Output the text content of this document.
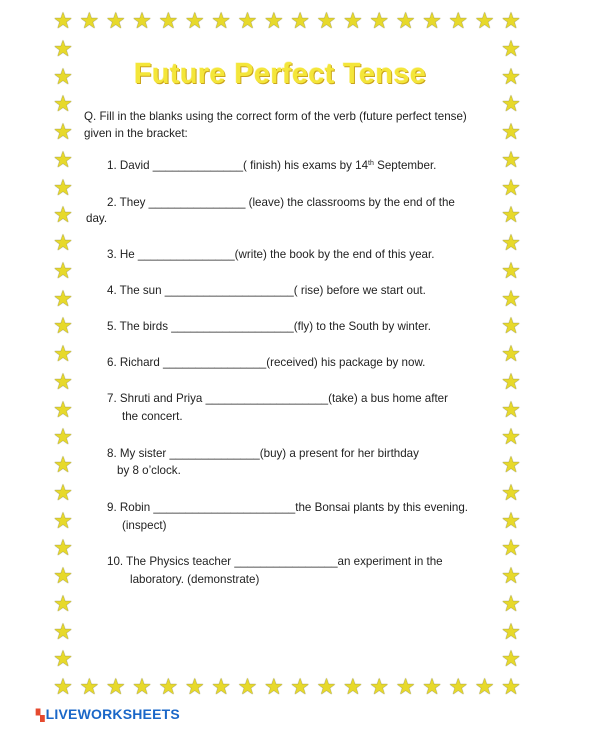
★
★
★
★
★
★
★
★
★
★
★
★
★
★
★
★
★
★
★
★
★
★
★
★
★
★
★
★
★
★
★
★
★
★
★
★
★	★
★	★
★	★
★	★
★	★
★	★
★	★
★	★
★	★
★	★
★	★
★	★
★	★
★	★
★	★
★	★
★	★
★	★
★	★
★	★
★	★
★	★
★	★
Future Perfect Tense
Q. Fill in the blanks using the correct form of the verb (future perfect tense) given in the bracket:
1. David ______________( finish) his exams by 14th September.
2. They _______________ (leave) the classrooms by the end of the
day.
3. He _______________(write) the book by the end of this year.
4. The sun ____________________( rise) before we start out.
5. The birds ___________________(fly) to the South by winter.
6. Richard ________________(received) his package by now.
7. Shruti and Priya ___________________(take) a bus home after
the concert.
8. My sister ______________(buy) a present for her birthday
by 8 o’clock.
9. Robin ______________________the Bonsai plants by this evening.
(inspect)
10. The Physics teacher ________________an experiment in the
laboratory. (demonstrate)
▚LIVEWORKSHEETS
